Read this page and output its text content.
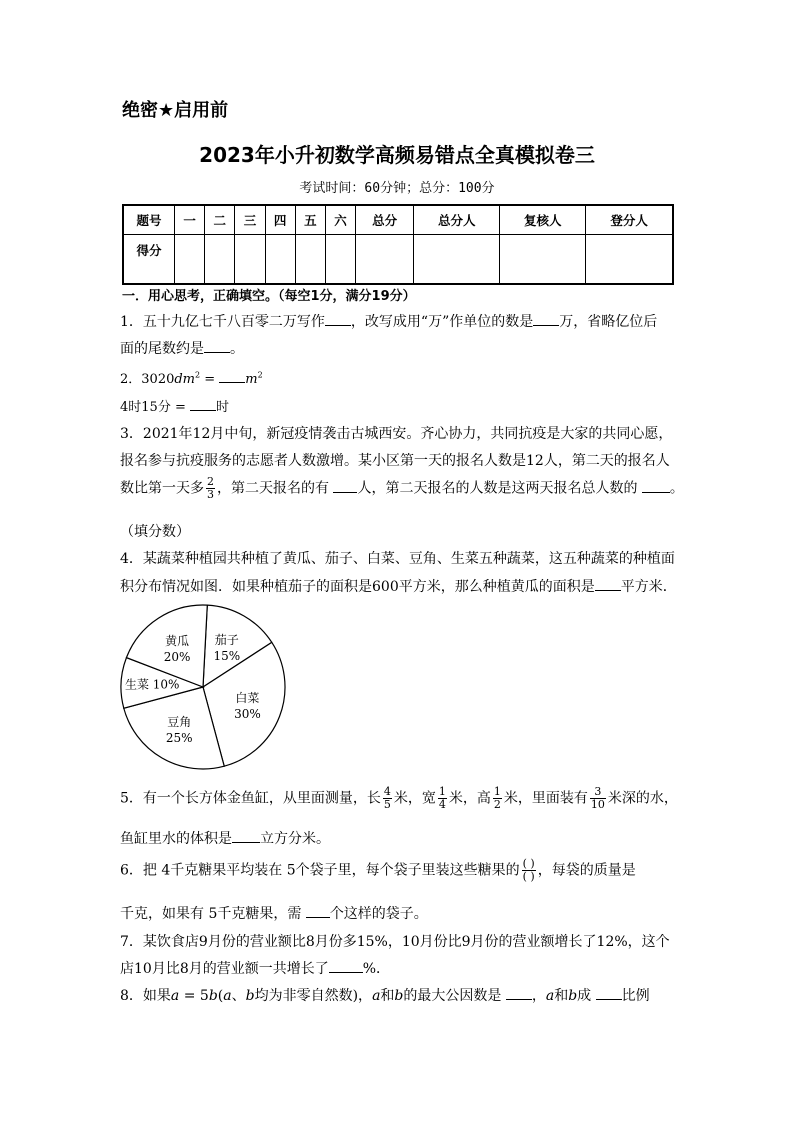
绝密★启用前
2023年小升初数学高频易错点全真模拟卷三
考试时间：60分钟；总分：100分
题号	一	二	三	四	五	六	总分	总分人	复核人	登分人
得分										
一．用心思考，正确填空。（每空1分，满分19分）
1．五十九亿七千八百零二万写作 ，改写成用“万”作单位的数是 万，省略亿位后
面的尾数约是 。
2．$3020dm^2 = m^2$
4时15分 = 时
3．2021年12月中旬，新冠疫情袭击古城西安。齐心协力，共同抗疫是大家的共同心愿，
报名参与抗疫服务的志愿者人数激增。某小区第一天的报名人数是12人，第二天的报名人
数比第一天多 $\frac{2}{3}$ ，第二天报名的有 人，第二天报名的人数是这两天报名总人数的 。
（填分数）
4．某蔬菜种植园共种植了黄瓜、茄子、白菜、豆角、生菜五种蔬菜，这五种蔬菜的种植面
积分布情况如图．如果种植茄子的面积是600平方米，那么种植黄瓜的面积是 平方米．
茄子
15%
白菜
30%
豆角
25%
生菜 10%
黄瓜
20%
5．有一个长方体金鱼缸，从里面测量，长 $\frac{4}{5}$ 米，宽 $\frac{1}{4}$ 米，高 $\frac{1}{2}$ 米，里面装有 $\frac{3}{10}$ 米深的水，
鱼缸里水的体积是 立方分米。
6．把 4千克糖果平均装在 5个袋子里，每个袋子里装这些糖果的 $\frac{( )}{( )}$ ，每袋的质量是
千克，如果有 5千克糖果，需 个这样的袋子。
7．某饮食店9月份的营业额比8月份多15%，10月份比9月份的营业额增长了12%，这个
店10月比8月的营业额一共增长了 %．
8．如果a = 5b(a、b均为非零自然数)，a和b的最大公因数是 ，a和b成 比例
